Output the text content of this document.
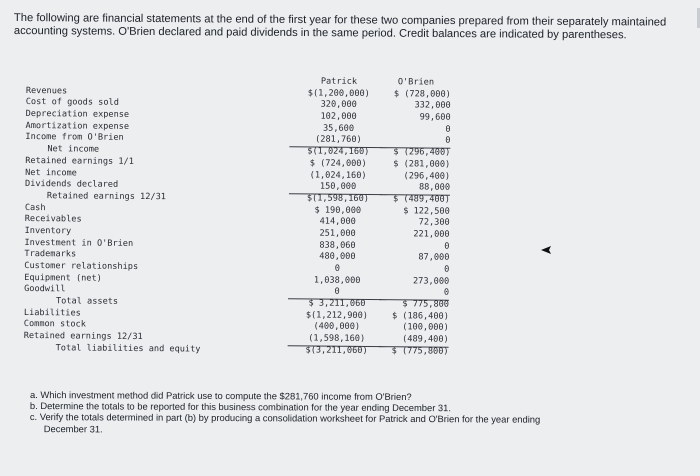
The following are financial statements at the end of the first year for these two companies prepared from their separately maintained
accounting systems. O'Brien declared and paid dividends in the same period. Credit balances are indicated by parentheses.
Patrick	O'Brien
Revenues	$(1,200,000)	$ (728,000)
Cost of goods sold	320,000	332,000
Depreciation expense	102,000	99,600
Amortization expense	35,600	0
Income from O'Brien	(281,760)	0
Net income	$(1,024,160)	$ (296,400)
Retained earnings 1/1	$ (724,000)	$ (281,000)
Net income	(1,024,160)	(296,400)
Dividends declared	150,000	88,000
Retained earnings 12/31	$(1,598,160)	$ (489,400)
Cash	$ 190,000	$ 122,500
Receivables	414,000	72,300
Inventory	251,000	221,000
Investment in O'Brien	838,060	0
Trademarks	480,000	87,000
Customer relationships	0	0
Equipment (net)	1,038,000	273,000
Goodwill	0	0
Total assets	$ 3,211,060	$ 775,800
Liabilities	$(1,212,900)	$ (186,400)
Common stock	(400,000)	(100,000)
Retained earnings 12/31	(1,598,160)	(489,400)
Total liabilities and equity	$(3,211,060)	$ (775,800)

a. Which investment method did Patrick use to compute the $281,760 income from O'Brien?

b. Determine the totals to be reported for this business combination for the year ending December 31.

c. Verify the totals determined in part (b) by producing a consolidation worksheet for Patrick and O'Brien for the year ending

December 31.
